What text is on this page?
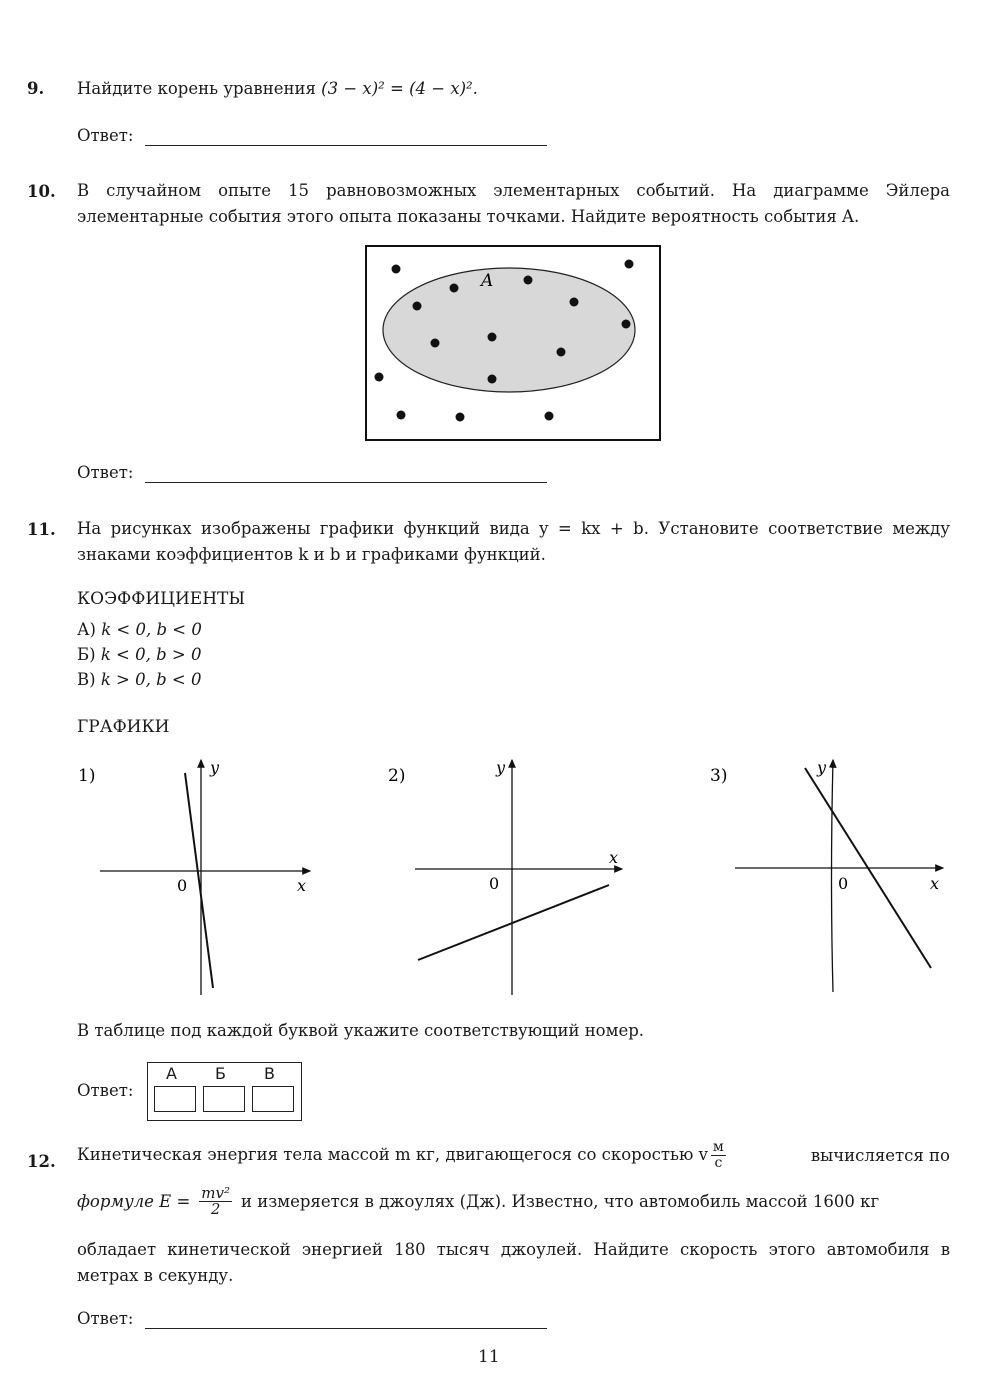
9. Найдите корень уравнения (3 − x)² = (4 − x)².
Ответ:
10. В случайном опыте 15 равновозможных элементарных событий. На диаграмме Эйлера элементарные события этого опыта показаны точками. Найдите вероятность события A.
A
Ответ:
11. На рисунках изображены графики функций вида y = kx + b. Установите соответствие между знаками коэффициентов k и b и графиками функций.
КОЭФФИЦИЕНТЫ
А) k < 0, b < 0
Б) k < 0, b > 0
В) k > 0, b < 0
ГРАФИКИ
1)
0	x
y	2)
0
x
y	3)
0	x
y
В таблице под каждой буквой укажите соответствующий номер.
Ответ:
А Б В
12. Кинетическая энергия тела массой m кг, двигающегося со скоростью v $\frac{м}{с}$	вычисляется по
формуле $E = \frac{\text{mv²}}{2}$ и измеряется в джоулях (Дж). Известно, что автомобиль массой 1600 кг
обладает кинетической энергией 180 тысяч джоулей. Найдите скорость этого автомобиля в метрах в секунду.
Ответ:
11
